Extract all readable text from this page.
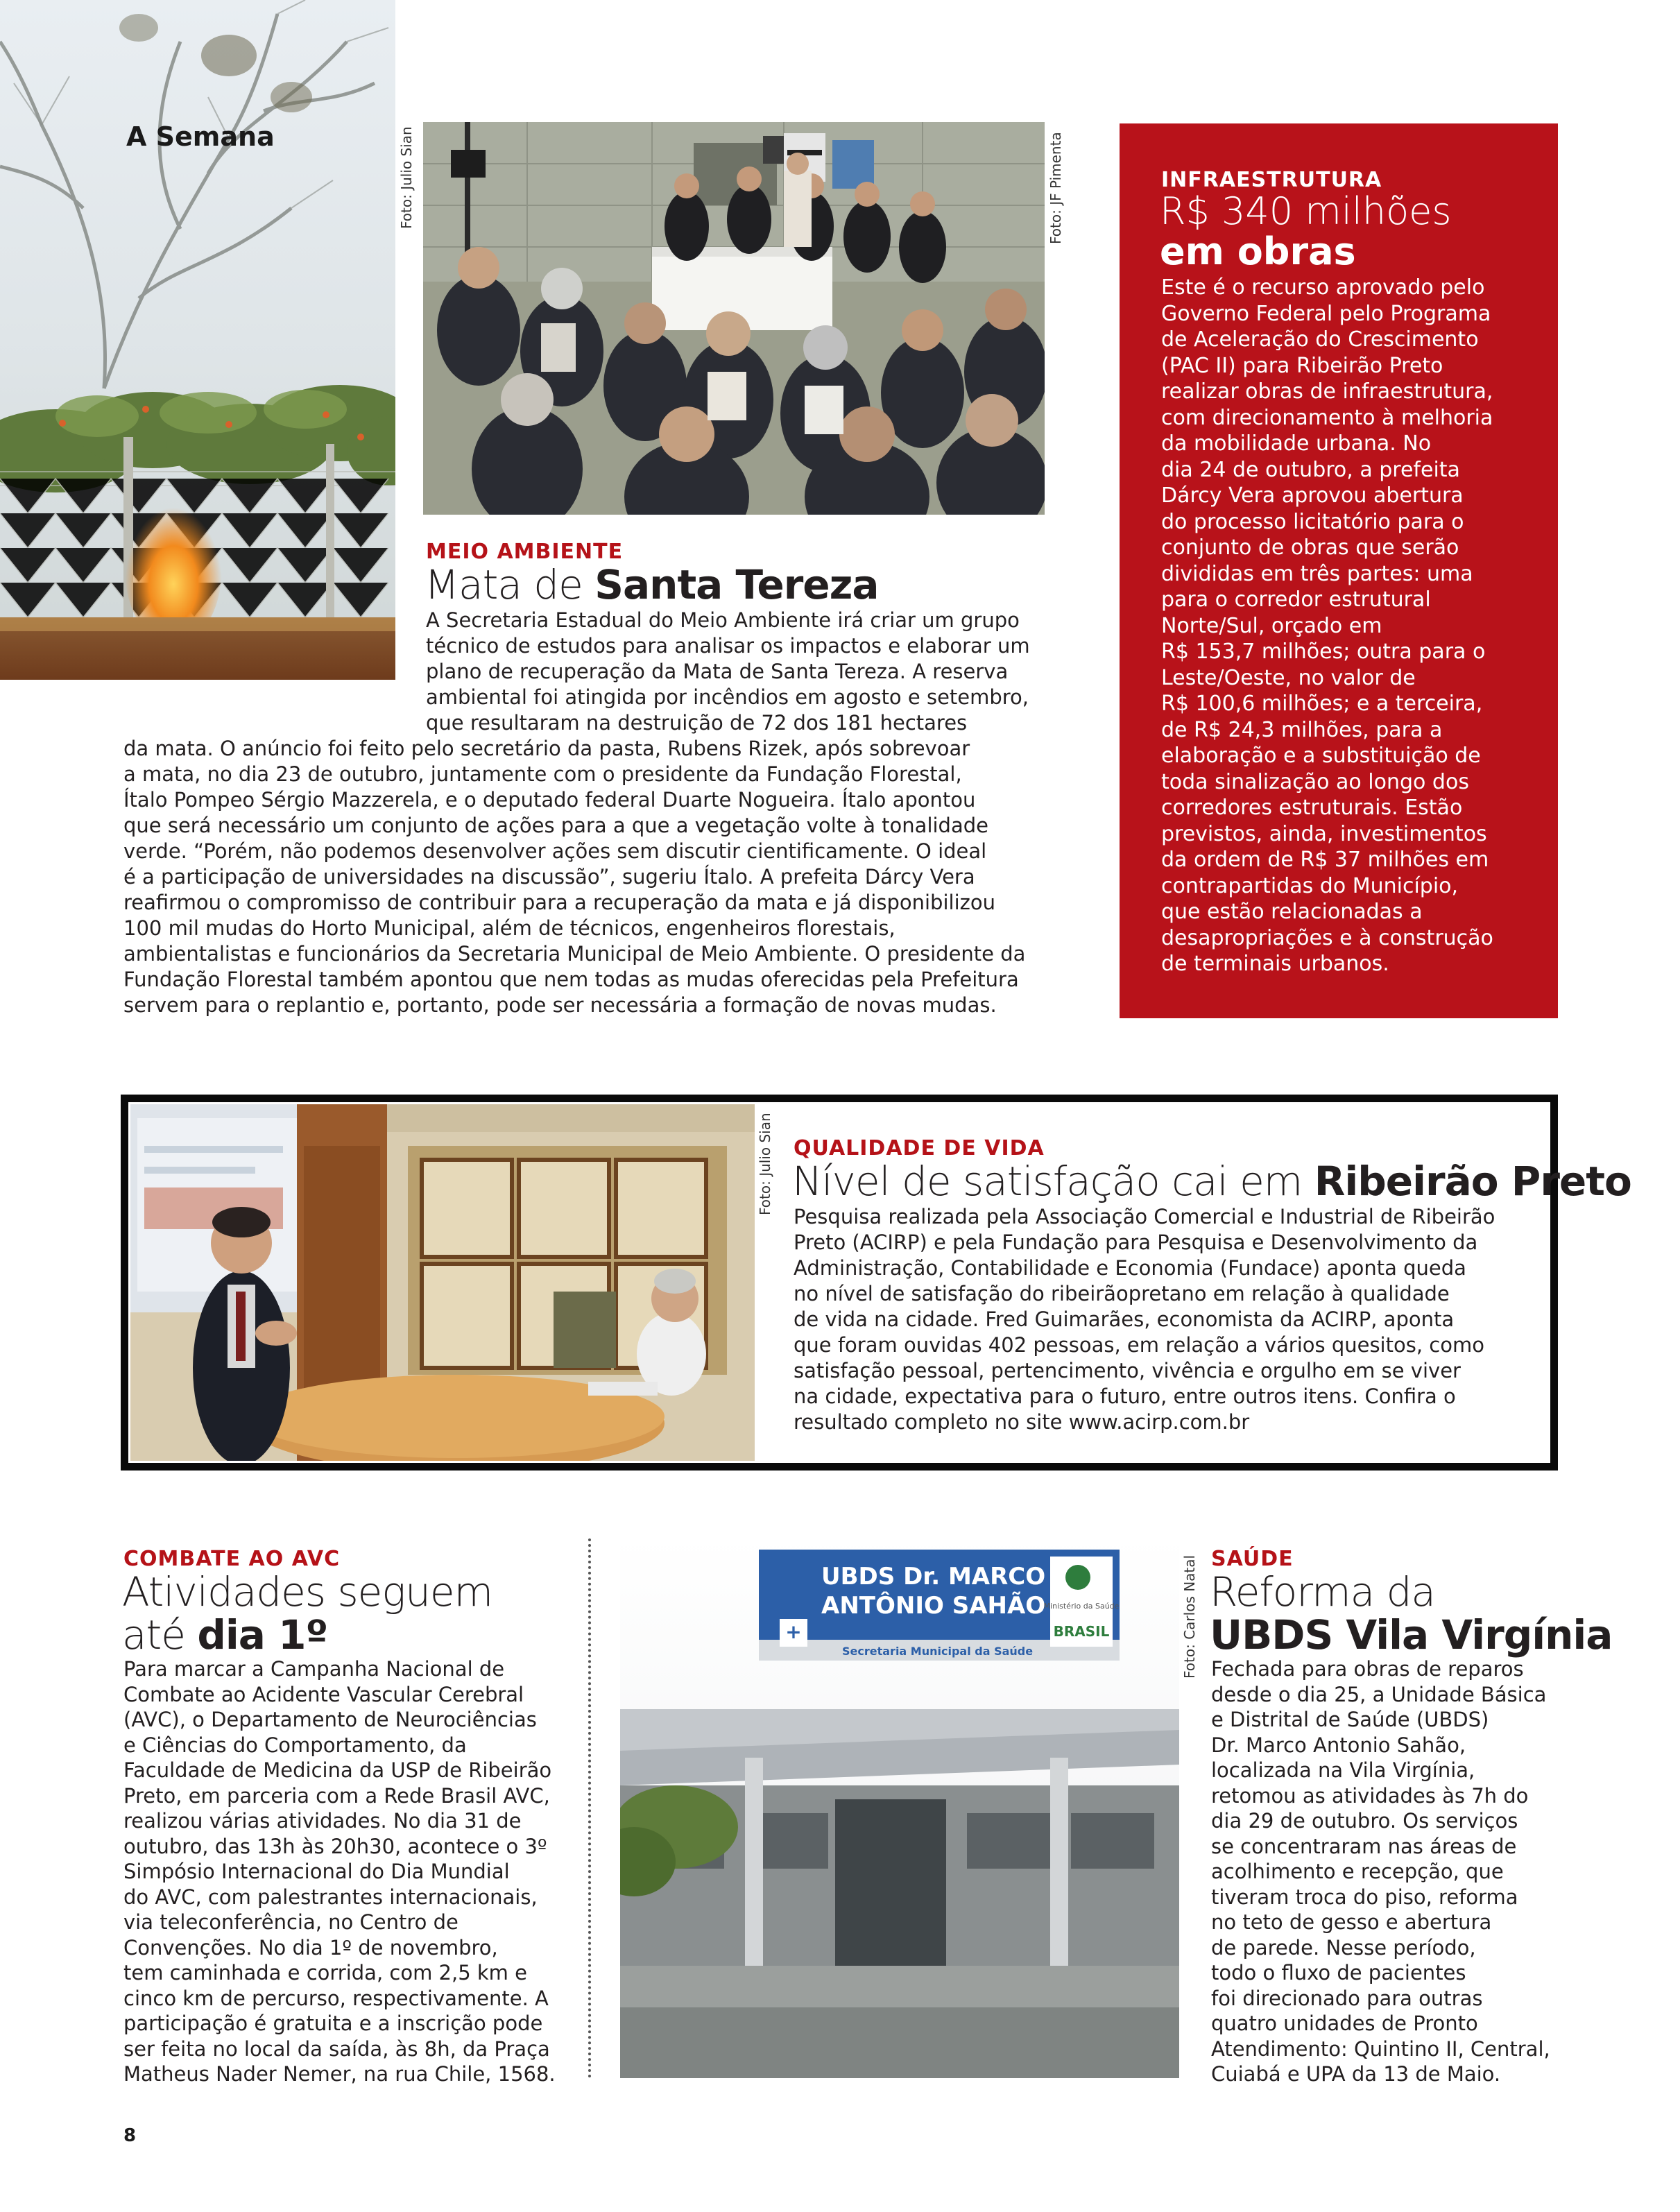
A Semana	Foto: Julio Sian	Foto: JF Pimenta
MEIO AMBIENTE
Mata de Santa Tereza
A Secretaria Estadual do Meio Ambiente irá criar um grupo
técnico de estudos para analisar os impactos e elaborar um
plano de recuperação da Mata de Santa Tereza. A reserva
ambiental foi atingida por incêndios em agosto e setembro,
que resultaram na destruição de 72 dos 181 hectares
da mata. O anúncio foi feito pelo secretário da pasta, Rubens Rizek, após sobrevoar
a mata, no dia 23 de outubro, juntamente com o presidente da Fundação Florestal,
Ítalo Pompeo Sérgio Mazzerela, e o deputado federal Duarte Nogueira. Ítalo apontou
que será necessário um conjunto de ações para a que a vegetação volte à tonalidade
verde. “Porém, não podemos desenvolver ações sem discutir cientificamente. O ideal
é a participação de universidades na discussão”, sugeriu Ítalo. A prefeita Dárcy Vera
reafirmou o compromisso de contribuir para a recuperação da mata e já disponibilizou
100 mil mudas do Horto Municipal, além de técnicos, engenheiros florestais,
ambientalistas e funcionários da Secretaria Municipal de Meio Ambiente. O presidente da
Fundação Florestal também apontou que nem todas as mudas oferecidas pela Prefeitura
servem para o replantio e, portanto, pode ser necessária a formação de novas mudas.
INFRAESTRUTURA
R$ 340 milhões
em obras
Este é o recurso aprovado pelo
Governo Federal pelo Programa
de Aceleração do Crescimento
(PAC II) para Ribeirão Preto
realizar obras de infraestrutura,
com direcionamento à melhoria
da mobilidade urbana. No
dia 24 de outubro, a prefeita
Dárcy Vera aprovou abertura
do processo licitatório para o
conjunto de obras que serão
divididas em três partes: uma
para o corredor estrutural
Norte/Sul, orçado em
R$ 153,7 milhões; outra para o
Leste/Oeste, no valor de
R$ 100,6 milhões; e a terceira,
de R$ 24,3 milhões, para a
elaboração e a substituição de
toda sinalização ao longo dos
corredores estruturais. Estão
previstos, ainda, investimentos
da ordem de R$ 37 milhões em
contrapartidas do Município,
que estão relacionadas a
desapropriações e à construção
de terminais urbanos.
Foto: Julio Sian QUALIDADE DE VIDA
Nível de satisfação cai em Ribeirão Preto
Pesquisa realizada pela Associação Comercial e Industrial de Ribeirão
Preto (ACIRP) e pela Fundação para Pesquisa e Desenvolvimento da
Administração, Contabilidade e Economia (Fundace) aponta queda
no nível de satisfação do ribeirãopretano em relação à qualidade
de vida na cidade. Fred Guimarães, economista da ACIRP, aponta
que foram ouvidas 402 pessoas, em relação a vários quesitos, como
satisfação pessoal, pertencimento, vivência e orgulho em se viver
na cidade, expectativa para o futuro, entre outros itens. Confira o
resultado completo no site www.acirp.com.br
COMBATE AO AVC
Atividades seguem
até dia 1º
Para marcar a Campanha Nacional de
Combate ao Acidente Vascular Cerebral
(AVC), o Departamento de Neurociências
e Ciências do Comportamento, da
Faculdade de Medicina da USP de Ribeirão
Preto, em parceria com a Rede Brasil AVC,
realizou várias atividades. No dia 31 de
outubro, das 13h às 20h30, acontece o 3º
Simpósio Internacional do Dia Mundial
do AVC, com palestrantes internacionais,
via teleconferência, no Centro de
Convenções. No dia 1º de novembro,
tem caminhada e corrida, com 2,5 km e
cinco km de percurso, respectivamente. A
participação é gratuita e a inscrição pode
ser feita no local da saída, às 8h, da Praça
Matheus Nader Nemer, na rua Chile, 1568.
+
UBDS Dr. MARCO
ANTÔNIO SAHÃO
Secretaria Municipal da Saúde
Ministério da Saúde
BRASIL	Foto: Carlos Natal SAÚDE
Reforma da
UBDS Vila Virgínia
Fechada para obras de reparos
desde o dia 25, a Unidade Básica
e Distrital de Saúde (UBDS)
Dr. Marco Antonio Sahão,
localizada na Vila Virgínia,
retomou as atividades às 7h do
dia 29 de outubro. Os serviços
se concentraram nas áreas de
acolhimento e recepção, que
tiveram troca do piso, reforma
no teto de gesso e abertura
de parede. Nesse período,
todo o fluxo de pacientes
foi direcionado para outras
quatro unidades de Pronto
Atendimento: Quintino II, Central,
Cuiabá e UPA da 13 de Maio.
8
